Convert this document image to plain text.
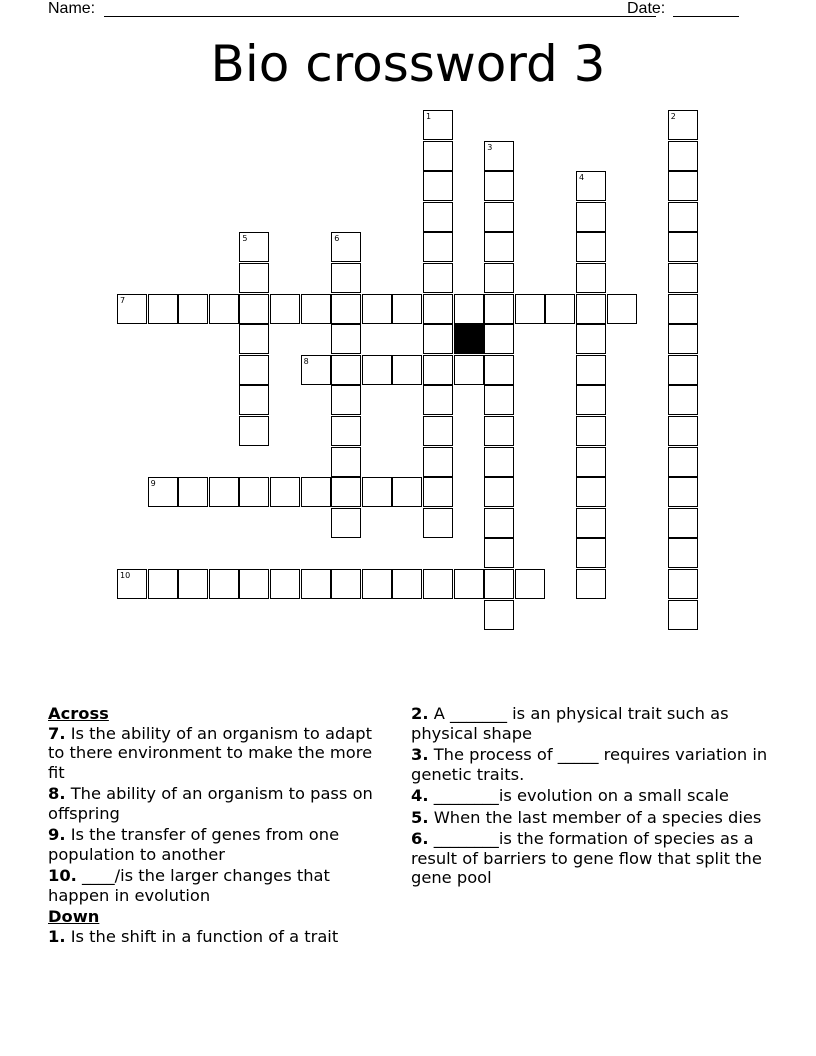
Name:	Date:
Bio crossword 3
1	2
3
4
5	6
7
8
9
10
Across
7. Is the ability of an organism to adapt to there environment to make the more fit
8. The ability of an organism to pass on offspring
9. Is the transfer of genes from one population to another
10. ____/is the larger changes that happen in evolution
Down
1. Is the shift in a function of a trait
2. A _______ is an physical trait such as physical shape
3. The process of _____ requires variation in genetic traits.
4. ________is evolution on a small scale
5. When the last member of a species dies
6. ________is the formation of species as a result of barriers to gene flow that split the gene pool
